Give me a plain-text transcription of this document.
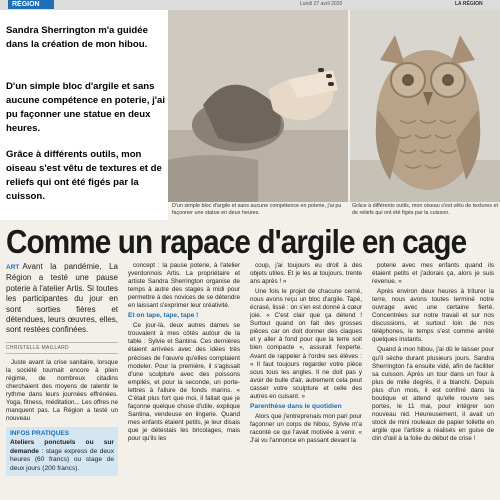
RÉGION	Lundi 27 avril 2020	LA RÉGION

Sandra Sherrington m'a guidée dans la création de mon hibou.

D'un simple bloc d'argile et sans aucune compétence en poterie, j'ai pu façonner une statue en deux heures.

Grâce à différents outils, mon oiseau s'est vêtu de textures et de reliefs qui ont été figés par la cuisson.

D'un simple bloc d'argile et sans aucune compétence en poterie, j'ai pu façonner une statue en deux heures.
Grâce à différents outils, mon oiseau s'est vêtu de textures et de reliefs qui ont été figés par la cuisson.
Comme un rapace d'argile en cage
ART Avant la pandémie, La Région a testé une pause poterie à l'atelier Artis. Si toutes les participantes du jour en sont sorties fières et détendues, leurs œuvres, elles, sont restées confinées.
CHRISTELLE MAILLARD

Juste avant la crise sanitaire, lorsque la société tournait encore à plein régime, de nombreux citadins cherchaient des moyens de ralentir le rythme dans leurs journées effrénées. Yoga, fitness, méditation... Les offres ne manquent pas. La Région a testé un nouveau

INFOS PRATIQUES
Ateliers ponctuels ou sur demande : stage express de deux heures (60 francs) ou stage de deux jours (200 francs).

concept : la pause poterie, à l'atelier yverdonnois Artis. La propriétaire et artiste Sandra Sherrington organise de temps à autre des stages à midi pour permettre à des novices de se détendre en laissant s'exprimer leur créativité.

Et on tape, tape, tape !

Ce jour-là, deux autres dames se trouvaient à mes côtés autour de la table : Sylvie et Santina. Ces dernières étaient arrivées avec des idées très précises de l'œuvre qu'elles comptaient modeler. Pour la première, il s'agissait d'une sculpture avec des poissons empilés, et pour la seconde, un porte-lettres à l'allure de fonds marins. « C'était plus fort que moi, il fallait que je façonne quelque chose d'utile, explique Santina, vendeuse en lingerie. Quand mes enfants étaient petits, je leur disais que je détestais les bricolages, mais pour qu'ils les

coup, j'ai toujours eu droit à des objets utiles. Et je les ai toujours, trente ans après ! »

Une fois le projet de chacune cerné, nous avons reçu un bloc d'argile. Tapé, écrasé, lissé : on s'en est donné à cœur joie. « C'est clair que ça détend ! Surtout quand on fait des grosses pièces car on doit donner des claques et y aller à fond pour que la terre soit bien compacte », assurait l'experte. Avant de rappeler à l'ordre ses élèves : « Il faut toujours regarder votre pièce sous tous les angles. Il ne doit pas y avoir de bulle d'air, autrement cela peut casser votre sculpture et celle des autres en cuisant. »

Parenthèse dans le quotidien

Alors que j'entreprenais mon pari pour façonner un corps de hibou, Sylvie m'a raconté ce qui l'avait motivée à venir. « J'ai vu l'annonce en passant devant la

poterie avec mes enfants quand ils étaient petits et j'adorais ça, alors je suis revenue. »

Après environ deux heures à triturer la terre, nous avons toutes terminé notre ouvrage avec une certaine fierté. Concentrées sur notre travail et sur nos discussions, et surtout loin de nos téléphones, le temps s'est comme arrêté quelques instants.

Quand à mon hibou, j'ai dû le laisser pour qu'il sèche durant plusieurs jours. Sandra Sherrington l'a ensuite vidé, afin de faciliter sa cuisson. Après un tour dans un four à plus de mille degrés, il a blanchi. Depuis plus d'un mois, il est confiné dans la boutique et attend qu'elle rouvre ses portes, le 11 mai, pour intégrer son nouveau nid. Heureusement, il avait un stock de mini rouleaux de papier toilette en argile que l'artiste a réalisés en guise de clin d'œil à la folie du début de crise !
